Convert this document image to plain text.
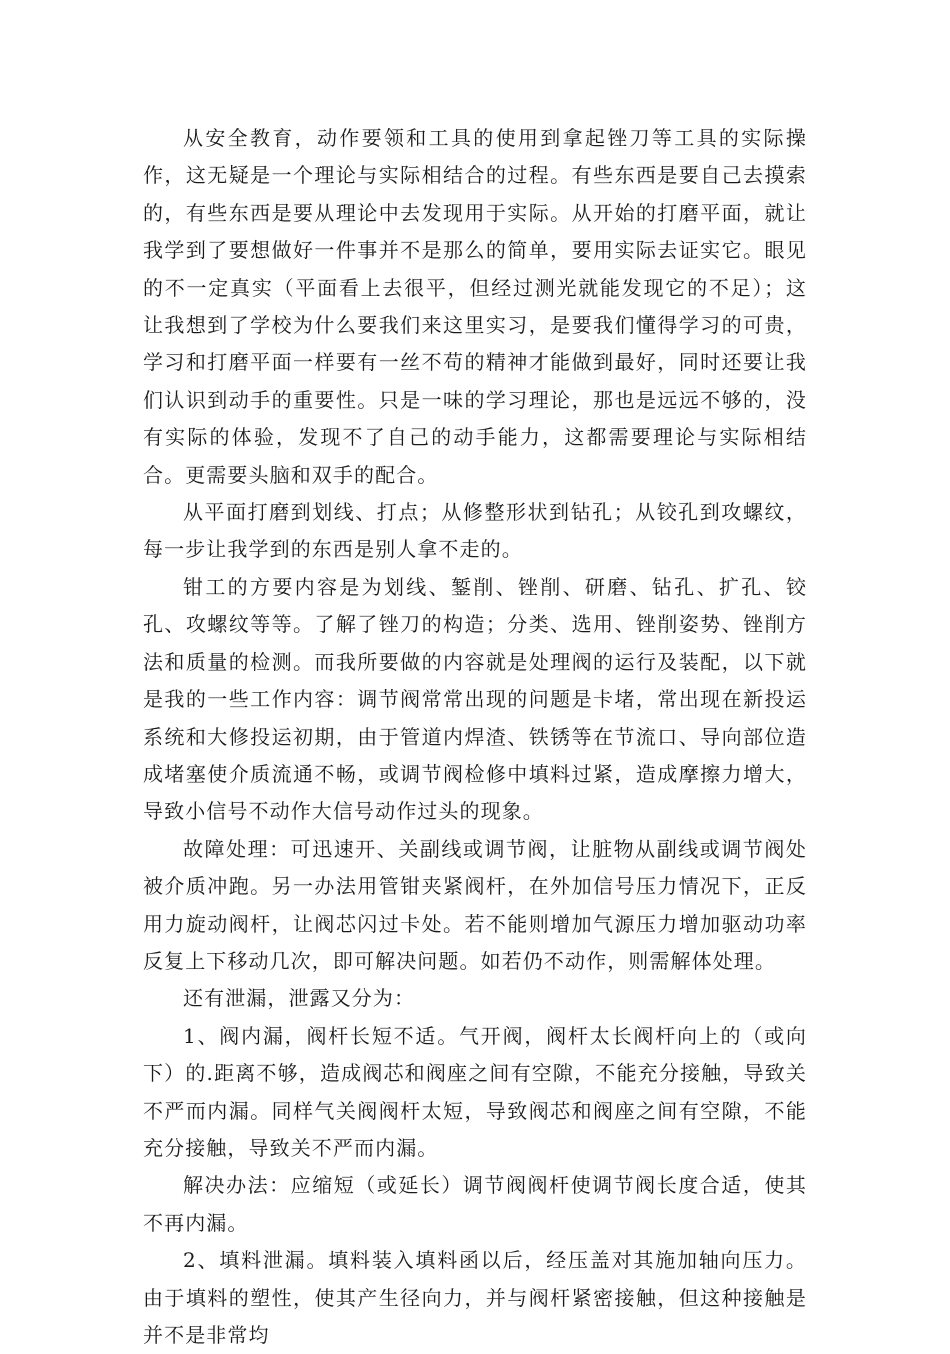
从安全教育，动作要领和工具的使用到拿起锉刀等工具的实际操作，这无疑是一个理论与实际相结合的过程。有些东西是要自己去摸索的，有些东西是要从理论中去发现用于实际。从开始的打磨平面，就让我学到了要想做好一件事并不是那么的简单，要用实际去证实它。眼见的不一定真实（平面看上去很平，但经过测光就能发现它的不足）；这让我想到了学校为什么要我们来这里实习，是要我们懂得学习的可贵，学习和打磨平面一样要有一丝不苟的精神才能做到最好，同时还要让我们认识到动手的重要性。只是一味的学习理论，那也是远远不够的，没有实际的体验，发现不了自己的动手能力，这都需要理论与实际相结合。更需要头脑和双手的配合。

从平面打磨到划线、打点；从修整形状到钻孔；从铰孔到攻螺纹，每一步让我学到的东西是别人拿不走的。

钳工的方要内容是为划线、錾削、锉削、研磨、钻孔、扩孔、铰孔、攻螺纹等等。了解了锉刀的构造；分类、选用、锉削姿势、锉削方法和质量的检测。而我所要做的内容就是处理阀的运行及装配，以下就是我的一些工作内容：调节阀常常出现的问题是卡堵，常出现在新投运系统和大修投运初期，由于管道内焊渣、铁锈等在节流口、导向部位造成堵塞使介质流通不畅，或调节阀检修中填料过紧，造成摩擦力增大，导致小信号不动作大信号动作过头的现象。

故障处理：可迅速开、关副线或调节阀，让脏物从副线或调节阀处被介质冲跑。另一办法用管钳夹紧阀杆，在外加信号压力情况下，正反用力旋动阀杆，让阀芯闪过卡处。若不能则增加气源压力增加驱动功率反复上下移动几次，即可解决问题。如若仍不动作，则需解体处理。

还有泄漏，泄露又分为：

1、阀内漏，阀杆长短不适。气开阀，阀杆太长阀杆向上的（或向下）的.距离不够，造成阀芯和阀座之间有空隙，不能充分接触，导致关不严而内漏。同样气关阀阀杆太短，导致阀芯和阀座之间有空隙，不能充分接触，导致关不严而内漏。

解决办法：应缩短（或延长）调节阀阀杆使调节阀长度合适，使其不再内漏。

2、填料泄漏。填料装入填料函以后，经压盖对其施加轴向压力。由于填料的塑性，使其产生径向力，并与阀杆紧密接触，但这种接触是并不是非常均
